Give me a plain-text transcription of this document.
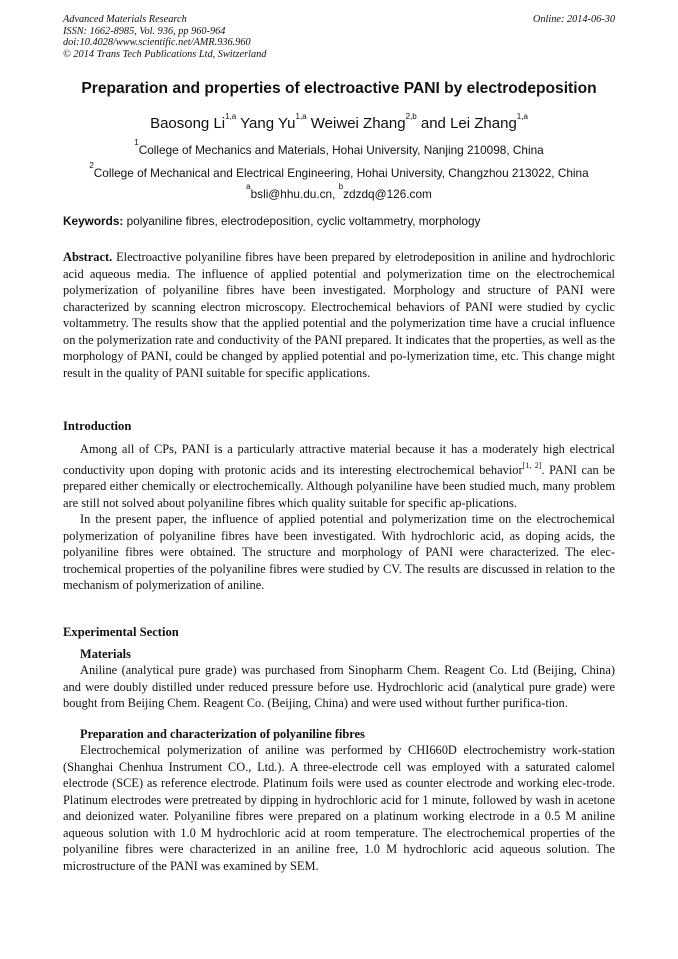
Advanced Materials Research
ISSN: 1662-8985, Vol. 936, pp 960-964
doi:10.4028/www.scientific.net/AMR.936.960
© 2014 Trans Tech Publications Ltd, Switzerland
Online: 2014-06-30
Preparation and properties of electroactive PANI by electrodeposition
Baosong Li$^{1,a}$ Yang Yu$^{1,a}$ Weiwei Zhang$^{2,b}$ and Lei Zhang$^{1,a}$
$^1$College of Mechanics and Materials, Hohai University, Nanjing 210098, China
$^2$College of Mechanical and Electrical Engineering, Hohai University, Changzhou 213022, China
$^a$bsli@hhu.du.cn, $^b$zdzdq@126.com
Keywords: polyaniline fibres, electrodeposition, cyclic voltammetry, morphology

Abstract. Electroactive polyaniline fibres have been prepared by eletrodeposition in aniline and hydrochloric acid aqueous media. The influence of applied potential and polymerization time on the electrochemical polymerization of polyaniline fibres have been investigated. Morphology and structure of PANI were characterized by scanning electron microscopy. Electrochemical behaviors of PANI were studied by cyclic voltammetry. The results show that the applied potential and the polymerization time have a crucial influence on the polymerization rate and conductivity of the PANI prepared. It indicates that the properties, as well as the morphology of PANI, could be changed by applied potential and po-lymerization time, etc. This change might result in the quality of PANI suitable for specific applications.

Introduction

Among all of CPs, PANI is a particularly attractive material because it has a moderately high electrical conductivity upon doping with protonic acids and its interesting electrochemical behavior[1, 2]. PANI can be prepared either chemically or electrochemically. Although polyaniline have been studied much, many problem are still not solved about polyaniline fibres which quality suitable for specific ap-plications.

In the present paper, the influence of applied potential and polymerization time on the electrochemical polymerization of polyaniline fibres have been investigated. With hydrochloric acid, as doping acids, the polyaniline fibres were obtained. The structure and morphology of PANI were characterized. The elec-trochemical properties of the polyaniline fibres were studied by CV. The results are discussed in relation to the mechanism of polymerization of aniline.

Experimental Section
Materials

Aniline (analytical pure grade) was purchased from Sinopharm Chem. Reagent Co. Ltd (Beijing, China) and were doubly distilled under reduced pressure before use. Hydrochloric acid (analytical pure grade) were bought from Beijing Chem. Reagent Co. (Beijing, China) and were used without further purifica-tion.

Preparation and characterization of polyaniline fibres

Electrochemical polymerization of aniline was performed by CHI660D electrochemistry work-station (Shanghai Chenhua Instrument CO., Ltd.). A three-electrode cell was employed with a saturated calomel electrode (SCE) as reference electrode. Platinum foils were used as counter electrode and working elec-trode. Platinum electrodes were pretreated by dipping in hydrochloric acid for 1 minute, followed by wash in acetone and deionized water. Polyaniline fibres were prepared on a platinum working electrode in a 0.5 M aniline aqueous solution with 1.0 M hydrochloric acid at room temperature. The electrochemical properties of the polyaniline fibres were characterized in an aniline free, 1.0 M hydrochloric acid aqueous solution. The microstructure of the PANI was examined by SEM.
